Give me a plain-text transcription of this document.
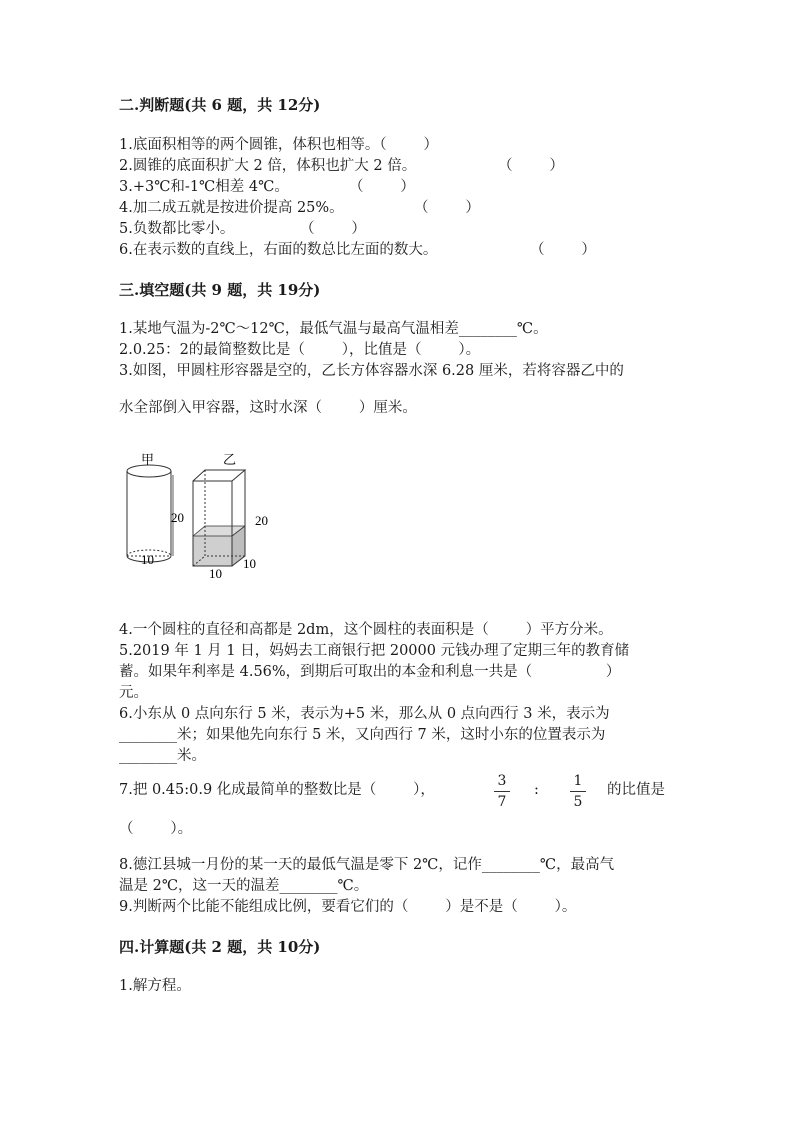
二.判断题(共 6 题，共 12分)
1.底面积相等的两个圆锥，体积也相等。（        ）
2.圆锥的底面积扩大 2 倍，体积也扩大 2 倍。	（        ）
3.+3℃和-1℃相差 4℃。	（        ）
4.加二成五就是按进价提高 25%。	（        ）
5.负数都比零小。	（        ）
6.在表示数的直线上，右面的数总比左面的数大。	（        ）
三.填空题(共 9 题，共 19分)
1.某地气温为-2℃～12℃，最低气温与最高气温相差________℃。
2.0.25：2的最简整数比是（        ），比值是（        ）。
3.如图，甲圆柱形容器是空的，乙长方体容器水深 6.28 厘米，若将容器乙中的
水全部倒入甲容器，这时水深（        ）厘米。
甲
20
10
乙
20
10
10
4.一个圆柱的直径和高都是 2dm，这个圆柱的表面积是（        ）平方分米。
5.2019 年 1 月 1 日，妈妈去工商银行把 20000 元钱办理了定期三年的教育储
蓄。如果年利率是 4.56%，到期后可取出的本金和利息一共是（                ）
元。
6.小东从 0 点向东行 5 米，表示为+5 米，那么从 0 点向西行 3 米，表示为
________米；如果他先向东行 5 米，又向西行 7 米，这时小东的位置表示为
________米。
7.把 0.45:0.9 化成最简单的整数比是（        ），
3
7
:
1
5
的比值是
（        ）。
8.德江县城一月份的某一天的最低气温是零下 2℃，记作________℃，最高气
温是 2℃，这一天的温差________℃。
9.判断两个比能不能组成比例，要看它们的（        ）是不是（        ）。
四.计算题(共 2 题，共 10分)
1.解方程。
